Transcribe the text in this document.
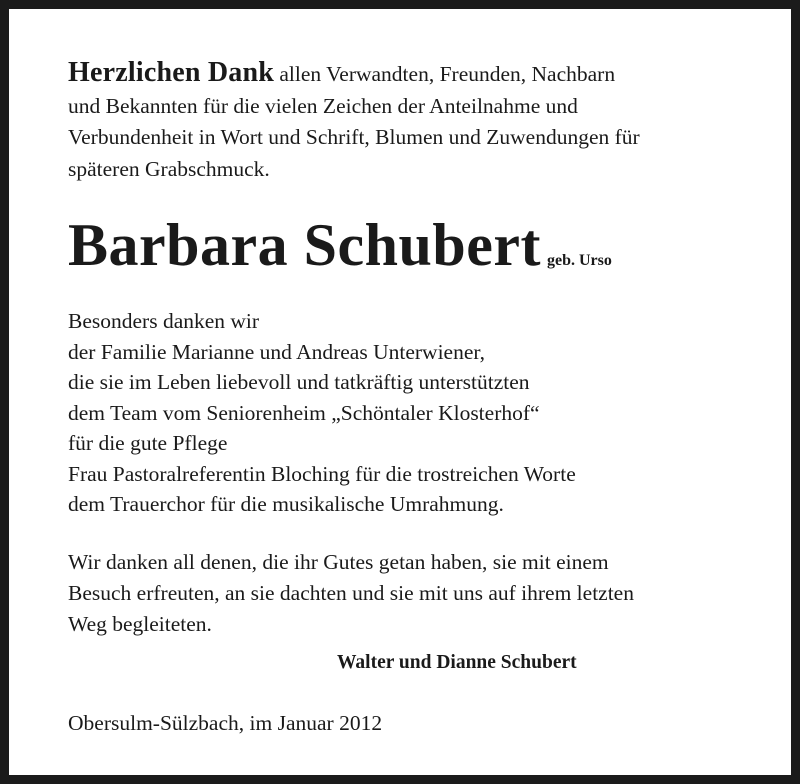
Herzlichen Dank allen Verwandten, Freunden, Nachbarn
und Bekannten für die vielen Zeichen der Anteilnahme und
Verbundenheit in Wort und Schrift, Blumen und Zuwendungen für
späteren Grabschmuck.

Barbara Schubert geb. Urso
Besonders danken wir
der Familie Marianne und Andreas Unterwiener,
die sie im Leben liebevoll und tatkräftig unterstützten
dem Team vom Seniorenheim „Schöntaler Klosterhof“
für die gute Pflege
Frau Pastoralreferentin Bloching für die trostreichen Worte
dem Trauerchor für die musikalische Umrahmung.
Wir danken all denen, die ihr Gutes getan haben, sie mit einem
Besuch erfreuten, an sie dachten und sie mit uns auf ihrem letzten
Weg begleiteten.
Walter und Dianne Schubert
Obersulm-Sülzbach, im Januar 2012
